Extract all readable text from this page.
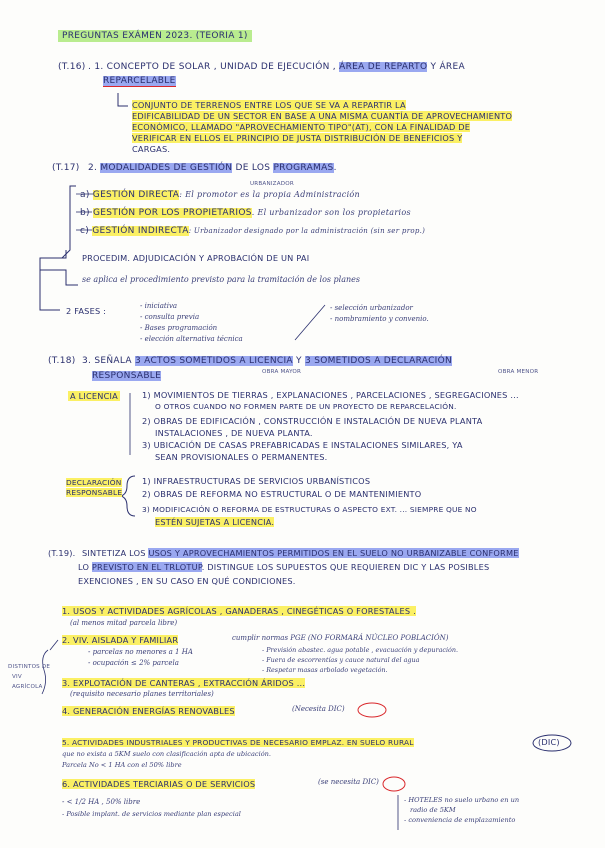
PREGUNTAS EXÁMEN 2023. (TEORIA 1)
(T.16) . 1. CONCEPTO DE SOLAR , UNIDAD DE EJECUCIÓN , ÁREA DE REPARTO Y ÁREA
REPARCELABLE
CONJUNTO DE TERRENOS ENTRE LOS QUE SE VA A REPARTIR LA
EDIFICABILIDAD DE UN SECTOR EN BASE A UNA MISMA CUANTÍA DE APROVECHAMIENTO
ECONÓMICO, LLAMADO "APROVECHAMIENTO TIPO"(AT), CON LA FINALIDAD DE
VERIFICAR EN ELLOS EL PRINCIPIO DE JUSTA DISTRIBUCIÓN DE BENEFICIOS Y
CARGAS.
(T.17) 2. MODALIDADES DE GESTIÓN DE LOS PROGRAMAS.
URBANIZADOR
a) GESTIÓN DIRECTA: El promotor es la propia Administración
b) GESTIÓN POR LOS PROPIETARIOS. El urbanizador son los propietarios
c) GESTIÓN INDIRECTA: Urbanizador designado por la administración (sin ser prop.)
PROCEDIM. ADJUDICACIÓN Y APROBACIÓN DE UN PAI
se aplica el procedimiento previsto para la tramitación de los planes
2 FASES :	- iniciativa
- consulta previa
- Bases programación
- elección alternativa técnica
- selección urbanizador
- nombramiento y convenio.
(T.18) 3. SEÑALA 3 ACTOS SOMETIDOS A LICENCIA Y 3 SOMETIDOS A DECLARACIÓN
OBRA MAYOR	OBRA MENOR
RESPONSABLE
A LICENCIA	1) MOVIMIENTOS DE TIERRAS , EXPLANACIONES , PARCELACIONES , SEGREGACIONES ...
O OTROS CUANDO NO FORMEN PARTE DE UN PROYECTO DE REPARCELACIÓN.
2) OBRAS DE EDIFICACIÓN , CONSTRUCCIÓN E INSTALACIÓN DE NUEVA PLANTA
INSTALACIONES , DE NUEVA PLANTA.
3) UBICACIÓN DE CASAS PREFABRICADAS E INSTALACIONES SIMILARES, YA
SEAN PROVISIONALES O PERMANENTES.
DECLARACIÓN
RESPONSABLE
1) INFRAESTRUCTURAS DE SERVICIOS URBANÍSTICOS
2) OBRAS DE REFORMA NO ESTRUCTURAL O DE MANTENIMIENTO
3) MODIFICACIÓN O REFORMA DE ESTRUCTURAS O ASPECTO EXT. ... SIEMPRE QUE NO
ESTÉN SUJETAS A LICENCIA.
(T.19). SINTETIZA LOS USOS Y APROVECHAMIENTOS PERMITIDOS EN EL SUELO NO URBANIZABLE CONFORME
LO PREVISTO EN EL TRLOTUP. DISTINGUE LOS SUPUESTOS QUE REQUIEREN DIC Y LAS POSIBLES
EXENCIONES , EN SU CASO EN QUÉ CONDICIONES.
1. USOS Y ACTIVIDADES AGRÍCOLAS , GANADERAS , CINEGÉTICAS O FORESTALES .
(al menos mitad parcela libre)
2. VIV. AISLADA Y FAMILIAR	cumplir normas PGE (NO FORMARÁ NÚCLEO POBLACIÓN)
- parcelas no menores a 1 HA
- ocupación ≤ 2% parcela
- Previsión abastec. agua potable , evacuación y depuración.
- Fuera de escorrentías y cauce natural del agua
- Respetar masas arbolado vegetación.
DISTINTOS DE
VIV
AGRÍCOLA 3. EXPLOTACIÓN DE CANTERAS , EXTRACCIÓN ÁRIDOS ...
(requisito necesario planes territoriales)
4. GENERACIÓN ENERGÍAS RENOVABLES	(Necesita DIC)
5. ACTIVIDADES INDUSTRIALES Y PRODUCTIVAS DE NECESARIO EMPLAZ. EN SUELO RURAL	(DIC)
que no exista a 5KM suelo con clasificación apta de ubicación.
Parcela No < 1 HA con el 50% libre
6. ACTIVIDADES TERCIARIAS O DE SERVICIOS	(se necesita DIC)
- < 1/2 HA , 50% libre
- Posible implant. de servicios mediante plan especial
- HOTELES no suelo urbano en un
radio de 5KM
- conveniencia de emplazamiento
